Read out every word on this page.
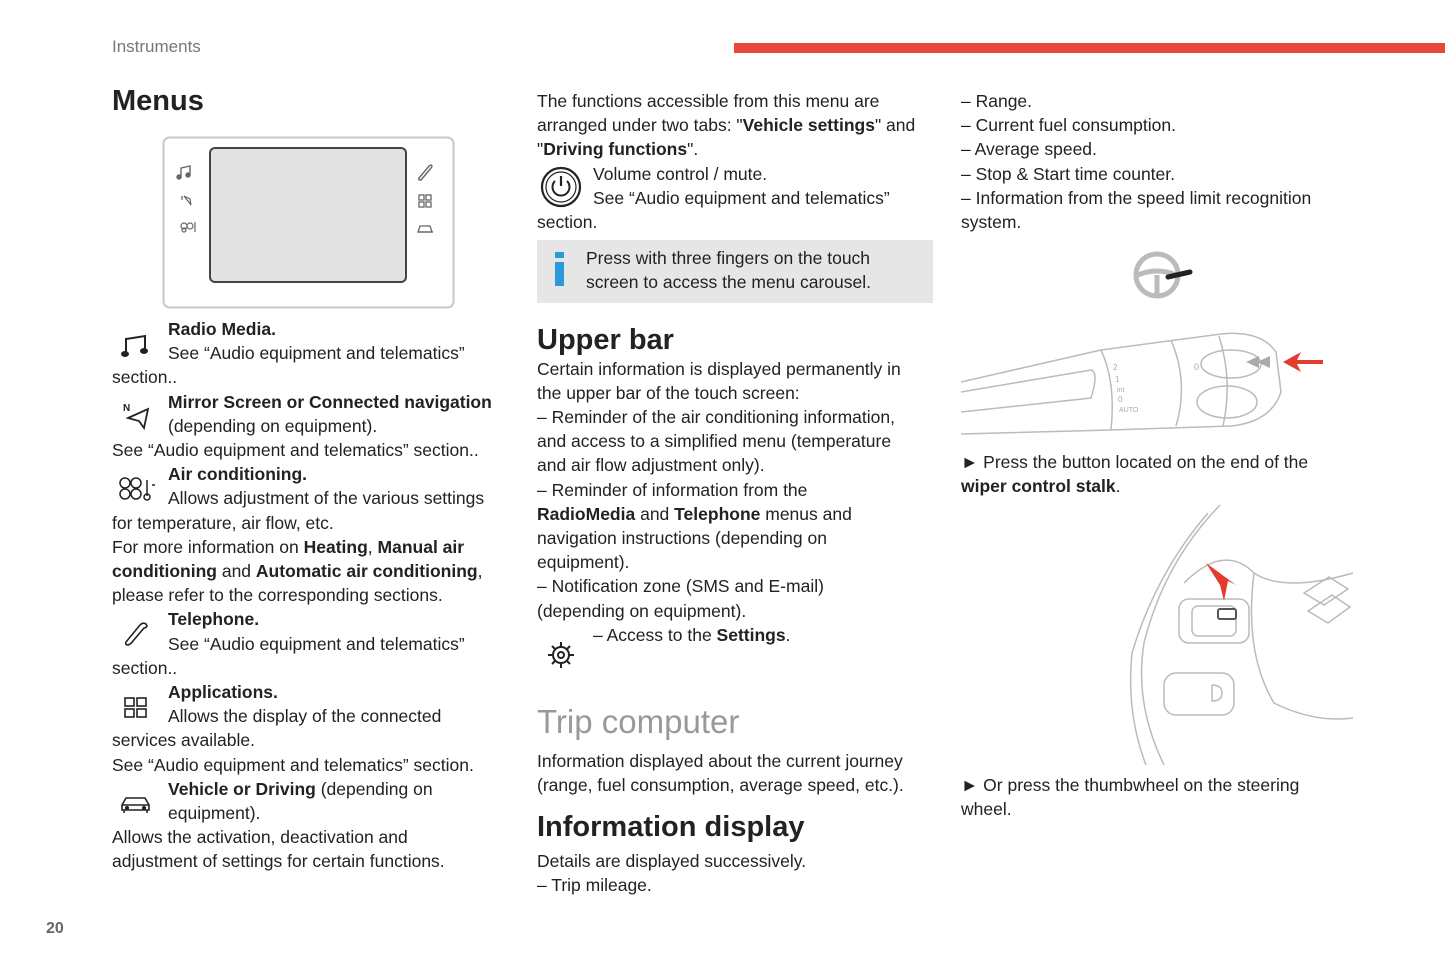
Instruments
20
Menus
N

Radio Media.

See “Audio equipment and telematics”

section..

Mirror Screen or Connected navigation

(depending on equipment).

See “Audio equipment and telematics” section..

Air conditioning.

Allows adjustment of the various settings

for temperature, air flow, etc.

For more information on Heating, Manual air conditioning and Automatic air conditioning,

please refer to the corresponding sections.

Telephone.

See “Audio equipment and telematics”

section..

Applications.

Allows the display of the connected

services available.

See “Audio equipment and telematics” section.

Vehicle or Driving (depending on

equipment).

Allows the activation, deactivation and

adjustment of settings for certain functions.

The functions accessible from this menu are

arranged under two tabs: "Vehicle settings" and

"Driving functions".

Volume control / mute.

See “Audio equipment and telematics”

section.

Press with three fingers on the touch

screen to access the menu carousel.

Upper bar

Certain information is displayed permanently in

the upper bar of the touch screen:

– Reminder of the air conditioning information,

and access to a simplified menu (temperature

and air flow adjustment only).

– Reminder of information from the

RadioMedia and Telephone menus and

navigation instructions (depending on

equipment).

– Notification zone (SMS and E-mail)

(depending on equipment).

– Access to the Settings.

Trip computer

Information displayed about the current journey

(range, fuel consumption, average speed, etc.).

Information display

Details are displayed successively.

– Trip mileage.

– Range.

– Current fuel consumption.

– Average speed.

– Stop & Start time counter.

– Information from the speed limit recognition

system.

2
1
int
0
AUTO
0

► Press the button located on the end of the

wiper control stalk.

► Or press the thumbwheel on the steering

wheel.
